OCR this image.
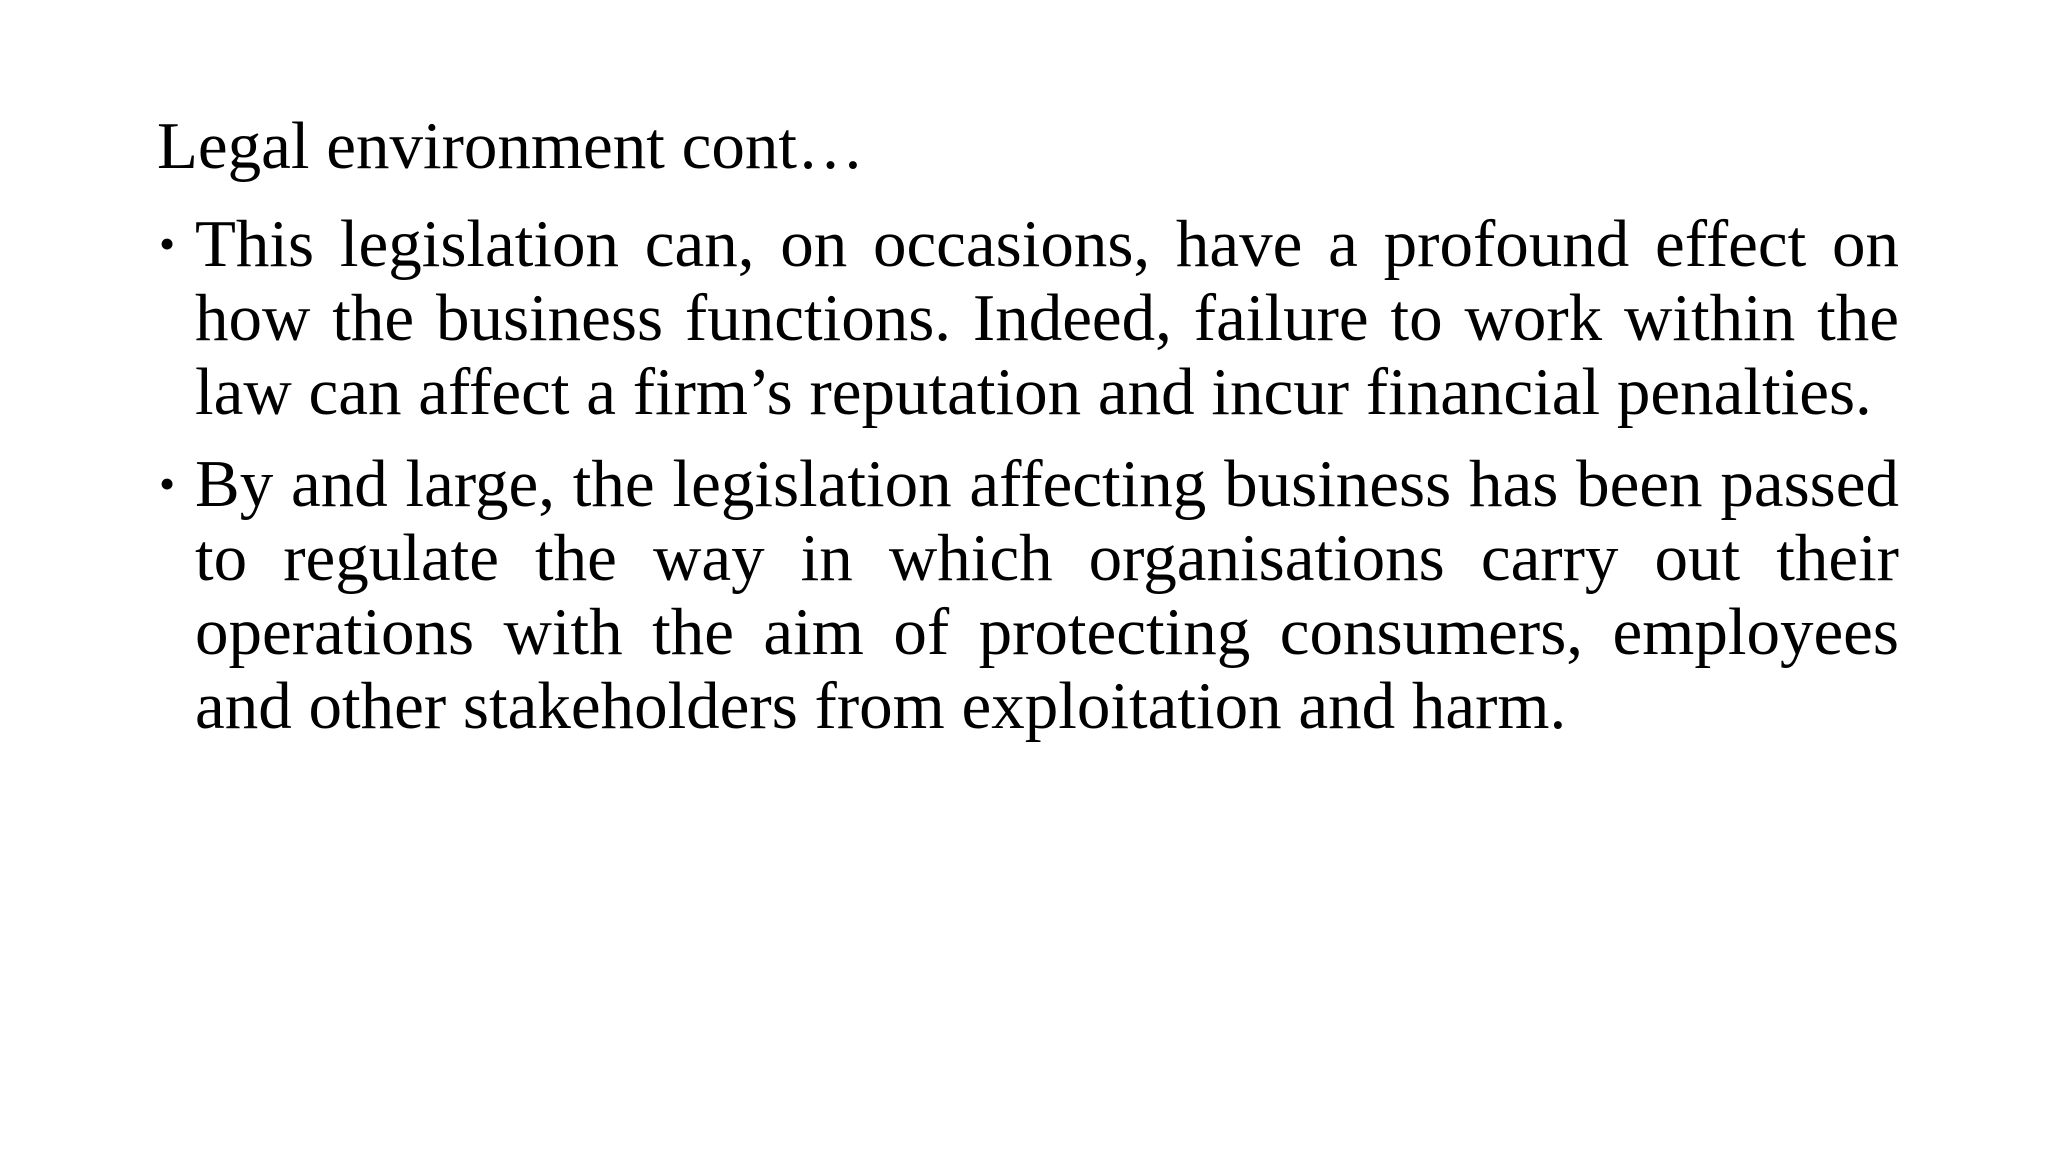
Legal environment cont…
• This legislation can, on occasions, have a profound effect on how the business functions. Indeed, failure to work within the law can affect a firm’s reputation and incur financial penalties.
• By and large, the legislation affecting business has been passed to regulate the way in which organisations carry out their operations with the aim of protecting consumers, employees and other stakeholders from exploitation and harm.
